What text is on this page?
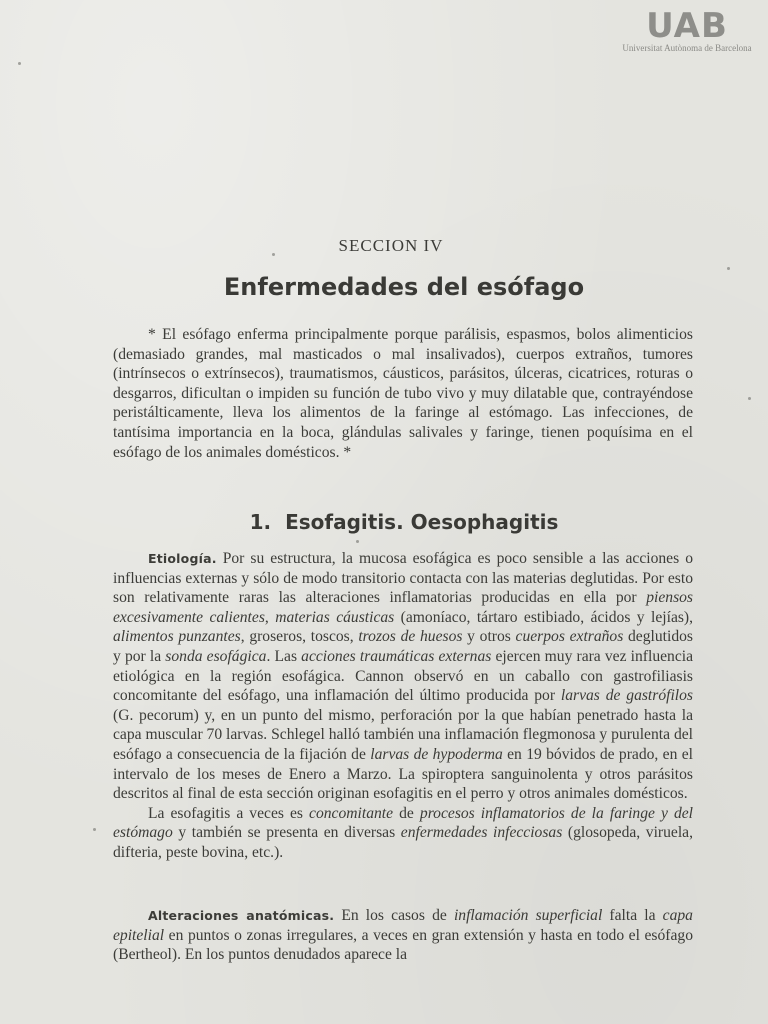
UAB
Universitat Autònoma de Barcelona
SECCION IV
Enfermedades del esófago

* El esófago enferma principalmente porque parálisis, espasmos, bolos alimenticios (demasiado grandes, mal masticados o mal insalivados), cuerpos extraños, tumores (intrínsecos o extrínsecos), traumatismos, cáusticos, parásitos, úlceras, cicatrices, roturas o desgarros, dificultan o impiden su función de tubo vivo y muy dilatable que, contrayéndose peristálticamente, lleva los alimentos de la faringe al estómago. Las infecciones, de tantísima importancia en la boca, glándulas salivales y faringe, tienen poquísima en el esófago de los animales domésticos. *

1. Esofagitis. Oesophagitis

Etiología. Por su estructura, la mucosa esofágica es poco sensible a las acciones o influencias externas y sólo de modo transitorio contacta con las materias deglutidas. Por esto son relativamente raras las alteraciones inflamatorias producidas en ella por piensos excesivamente calientes, materias cáusticas (amoníaco, tártaro estibiado, ácidos y lejías), alimentos punzantes, groseros, toscos, trozos de huesos y otros cuerpos extraños deglutidos y por la sonda esofágica. Las acciones traumáticas externas ejercen muy rara vez influencia etiológica en la región esofágica. Cannon observó en un caballo con gastrofiliasis concomitante del esófago, una inflamación del último producida por larvas de gastrófilos (G. pecorum) y, en un punto del mismo, perforación por la que habían penetrado hasta la capa muscular 70 larvas. Schlegel halló también una inflamación flegmonosa y purulenta del esófago a consecuencia de la fijación de larvas de hypoderma en 19 bóvidos de prado, en el intervalo de los meses de Enero a Marzo. La spiroptera sanguinolenta y otros parásitos descritos al final de esta sección originan esofagitis en el perro y otros animales domésticos.

La esofagitis a veces es concomitante de procesos inflamatorios de la faringe y del estómago y también se presenta en diversas enfermedades infecciosas (glosopeda, viruela, difteria, peste bovina, etc.).

Alteraciones anatómicas. En los casos de inflamación superficial falta la capa epitelial en puntos o zonas irregulares, a veces en gran extensión y hasta en todo el esófago (Bertheol). En los puntos denudados aparece la
